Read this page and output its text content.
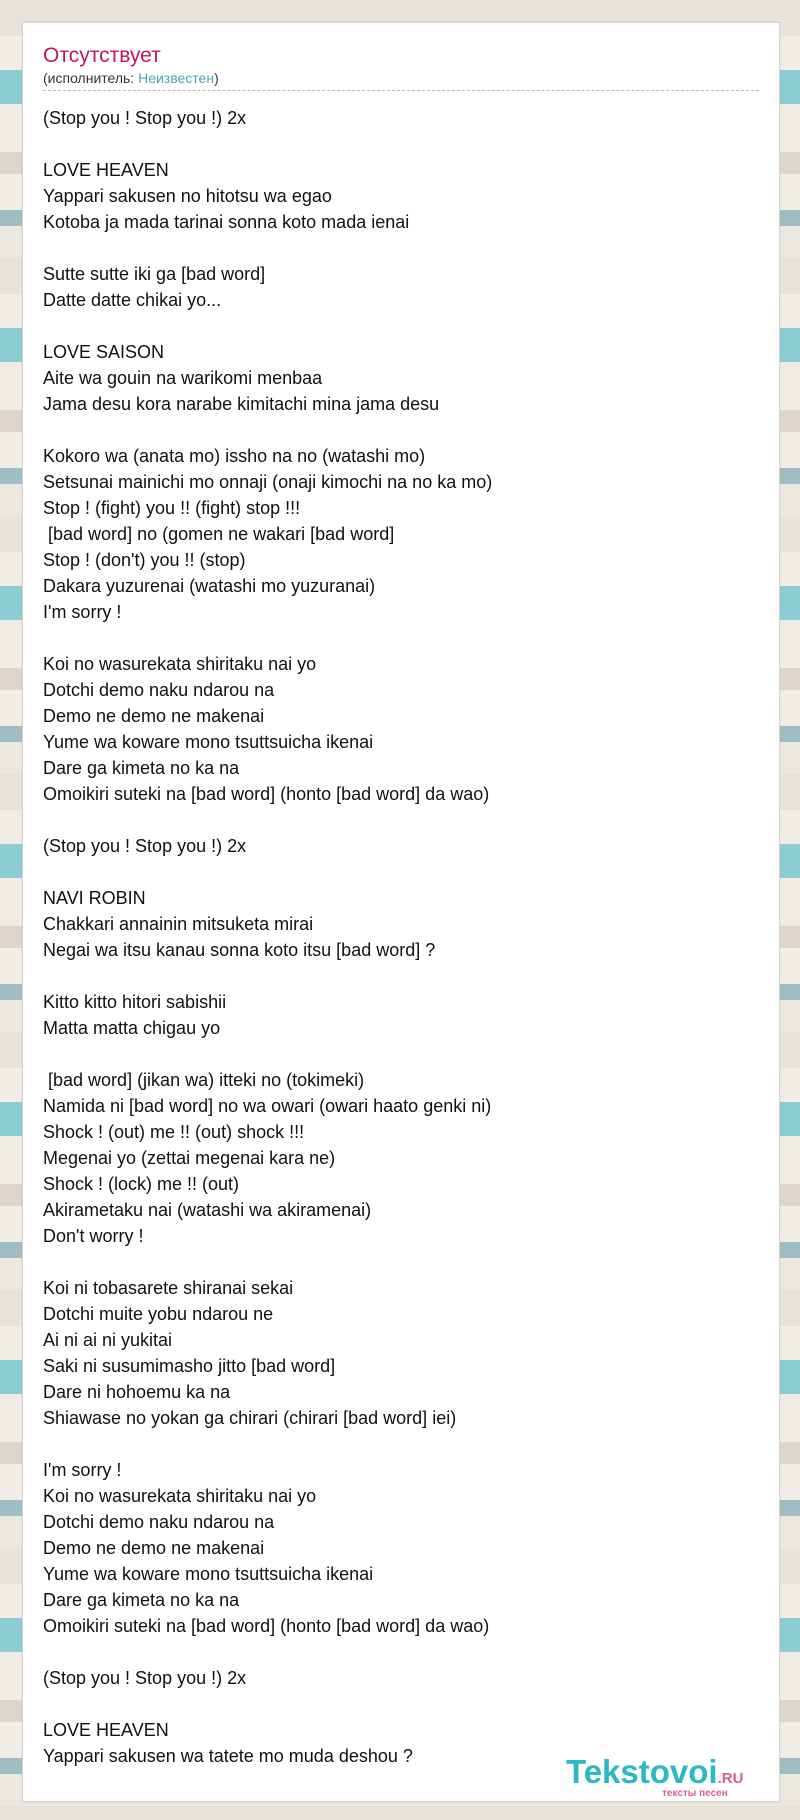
Отсутствует
(исполнитель: Неизвестен)
(Stop you ! Stop you !) 2x

LOVE HEAVEN
Yappari sakusen no hitotsu wa egao
Kotoba ja mada tarinai sonna koto mada ienai

Sutte sutte iki ga [bad word]
Datte datte chikai yo...

LOVE SAISON
Aite wa gouin na warikomi menbaa
Jama desu kora narabe kimitachi mina jama desu

Kokoro wa (anata mo) issho na no (watashi mo)
Setsunai mainichi mo onnaji (onaji kimochi na no ka mo)
Stop ! (fight) you !! (fight) stop !!!
[bad word] no (gomen ne wakari [bad word]
Stop ! (don't) you !! (stop)
Dakara yuzurenai (watashi mo yuzuranai)
I'm sorry !

Koi no wasurekata shiritaku nai yo
Dotchi demo naku ndarou na
Demo ne demo ne makenai
Yume wa koware mono tsuttsuicha ikenai
Dare ga kimeta no ka na
Omoikiri suteki na [bad word] (honto [bad word] da wao)

(Stop you ! Stop you !) 2x

NAVI ROBIN
Chakkari annainin mitsuketa mirai
Negai wa itsu kanau sonna koto itsu [bad word] ?

Kitto kitto hitori sabishii
Matta matta chigau yo

[bad word] (jikan wa) itteki no (tokimeki)
Namida ni [bad word] no wa owari (owari haato genki ni)
Shock ! (out) me !! (out) shock !!!
Megenai yo (zettai megenai kara ne)
Shock ! (lock) me !! (out)
Akirametaku nai (watashi wa akiramenai)
Don't worry !

Koi ni tobasarete shiranai sekai
Dotchi muite yobu ndarou ne
Ai ni ai ni yukitai
Saki ni susumimasho jitto [bad word]
Dare ni hohoemu ka na
Shiawase no yokan ga chirari (chirari [bad word] iei)

I'm sorry !
Koi no wasurekata shiritaku nai yo
Dotchi demo naku ndarou na
Demo ne demo ne makenai
Yume wa koware mono tsuttsuicha ikenai
Dare ga kimeta no ka na
Omoikiri suteki na [bad word] (honto [bad word] da wao)

(Stop you ! Stop you !) 2x

LOVE HEAVEN
Yappari sakusen wa tatete mo muda deshou ?	Tekstovoi.RU
тексты песен
